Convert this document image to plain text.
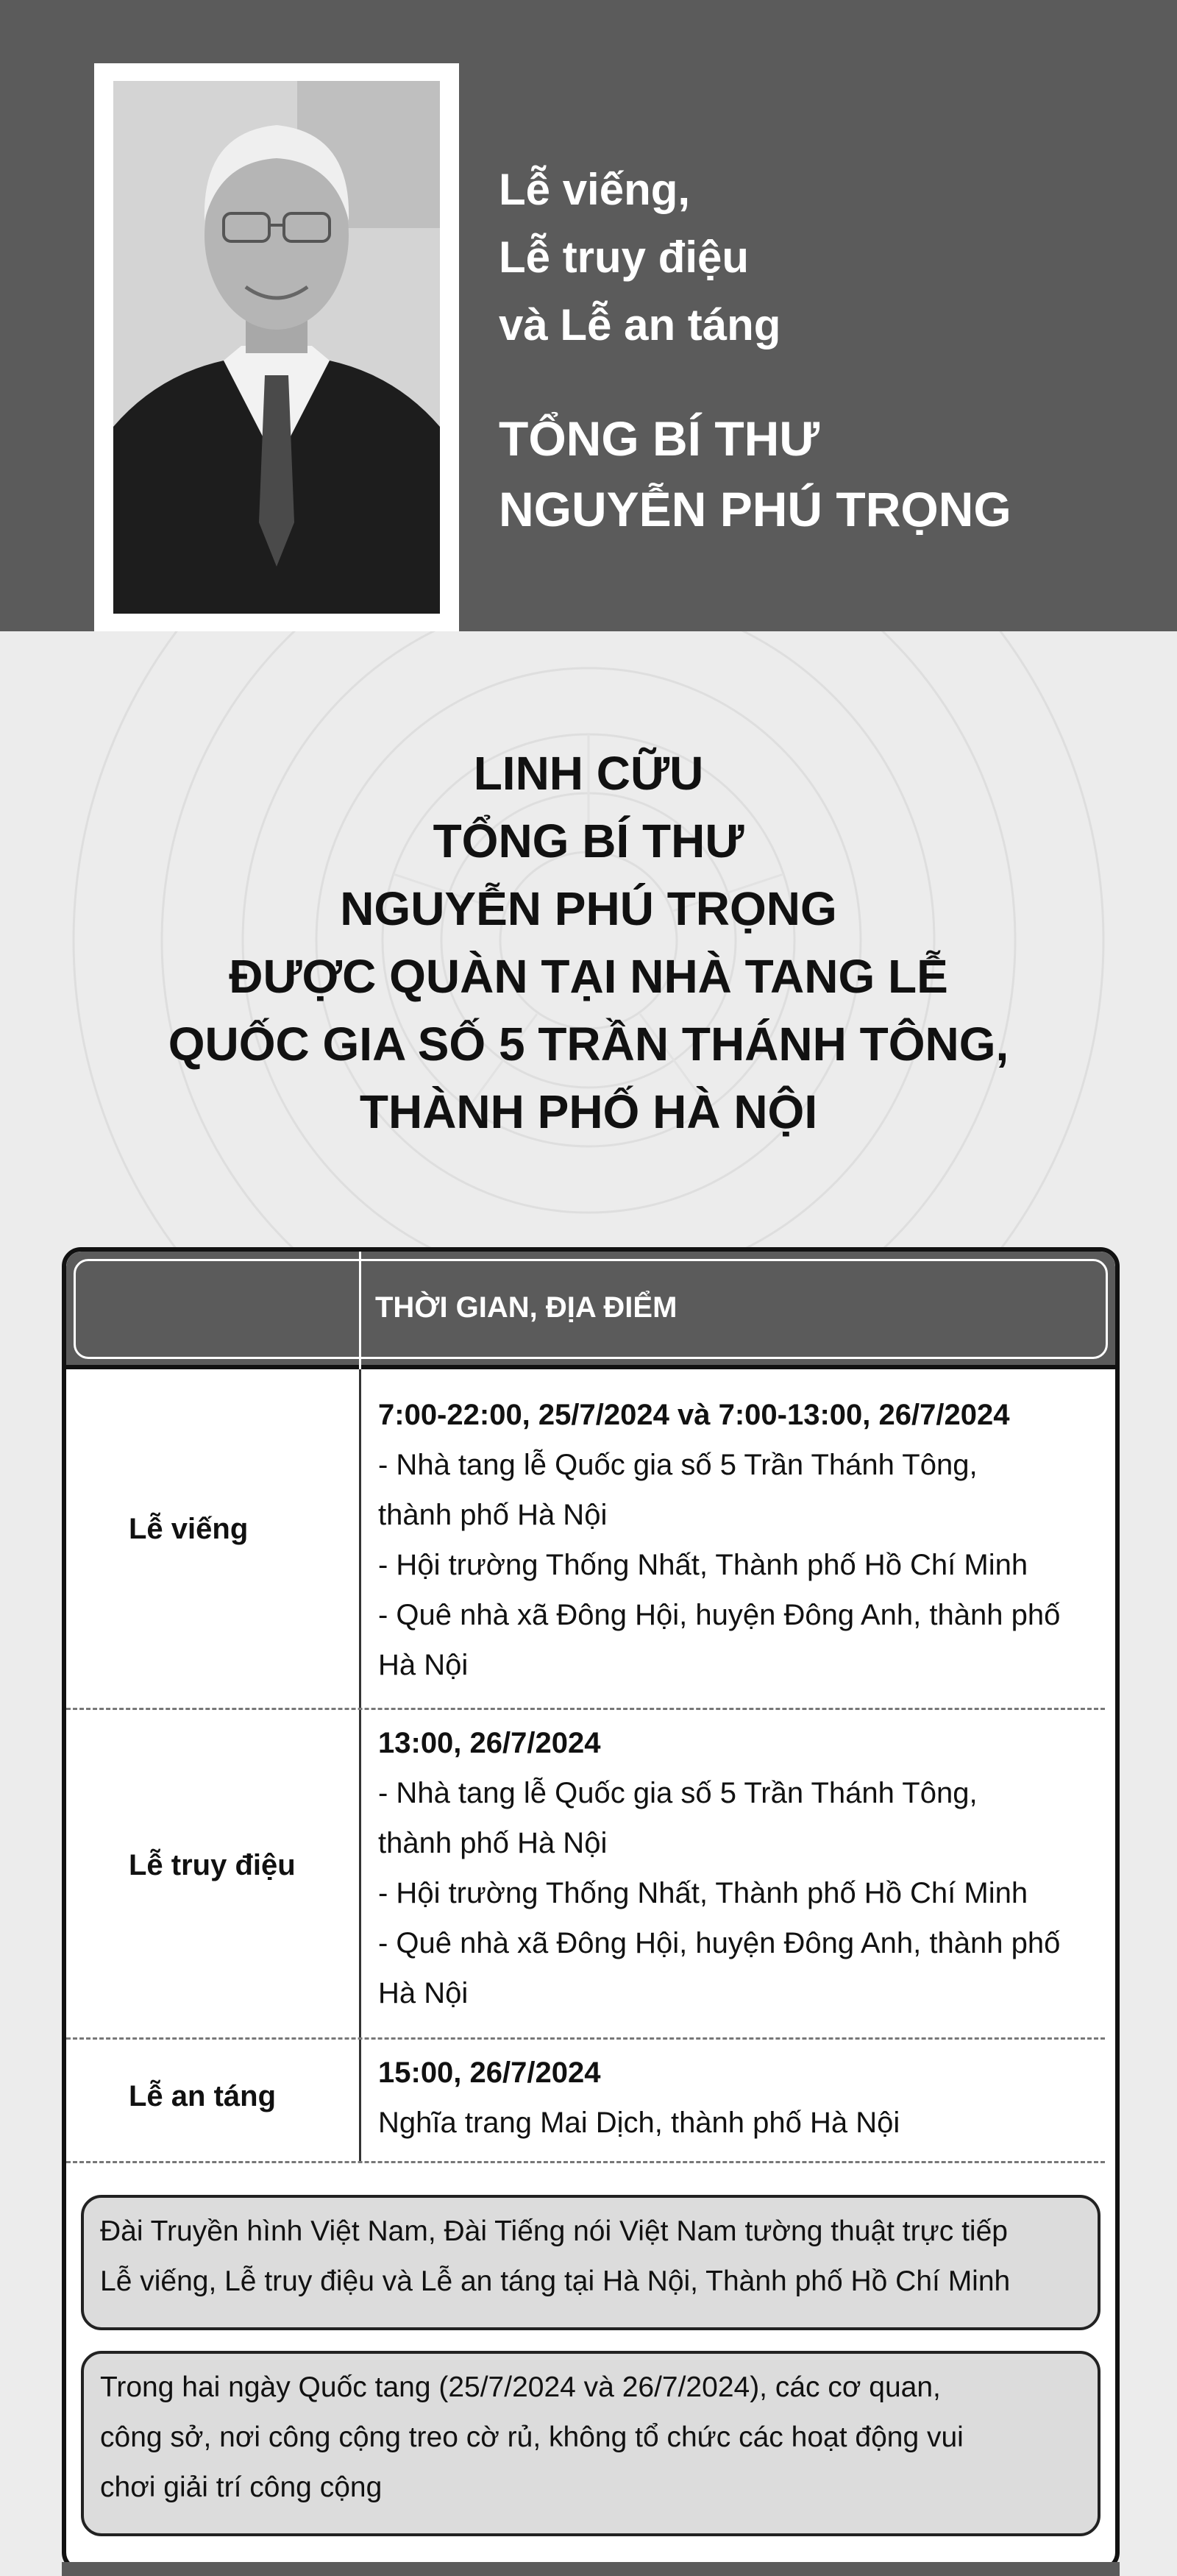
Lễ viếng,
Lễ truy điệu
và Lễ an táng
TỔNG BÍ THƯ
NGUYỄN PHÚ TRỌNG
LINH CỮU
TỔNG BÍ THƯ
NGUYỄN PHÚ TRỌNG
ĐƯỢC QUÀN TẠI NHÀ TANG LỄ
QUỐC GIA SỐ 5 TRẦN THÁNH TÔNG,
THÀNH PHỐ HÀ NỘI
THỜI GIAN, ĐỊA ĐIỂM
Lễ viếng
7:00-22:00, 25/7/2024 và 7:00-13:00, 26/7/2024
- Nhà tang lễ Quốc gia số 5 Trần Thánh Tông,
thành phố Hà Nội
- Hội trường Thống Nhất, Thành phố Hồ Chí Minh
- Quê nhà xã Đông Hội, huyện Đông Anh, thành phố
Hà Nội
Lễ truy điệu
13:00, 26/7/2024
- Nhà tang lễ Quốc gia số 5 Trần Thánh Tông,
thành phố Hà Nội
- Hội trường Thống Nhất, Thành phố Hồ Chí Minh
- Quê nhà xã Đông Hội, huyện Đông Anh, thành phố
Hà Nội
Lễ an táng
15:00, 26/7/2024
Nghĩa trang Mai Dịch, thành phố Hà Nội
Đài Truyền hình Việt Nam, Đài Tiếng nói Việt Nam tường thuật trực tiếp
Lễ viếng, Lễ truy điệu và Lễ an táng tại Hà Nội, Thành phố Hồ Chí Minh
Trong hai ngày Quốc tang (25/7/2024 và 26/7/2024), các cơ quan,
công sở, nơi công cộng treo cờ rủ, không tổ chức các hoạt động vui
chơi giải trí công cộng
